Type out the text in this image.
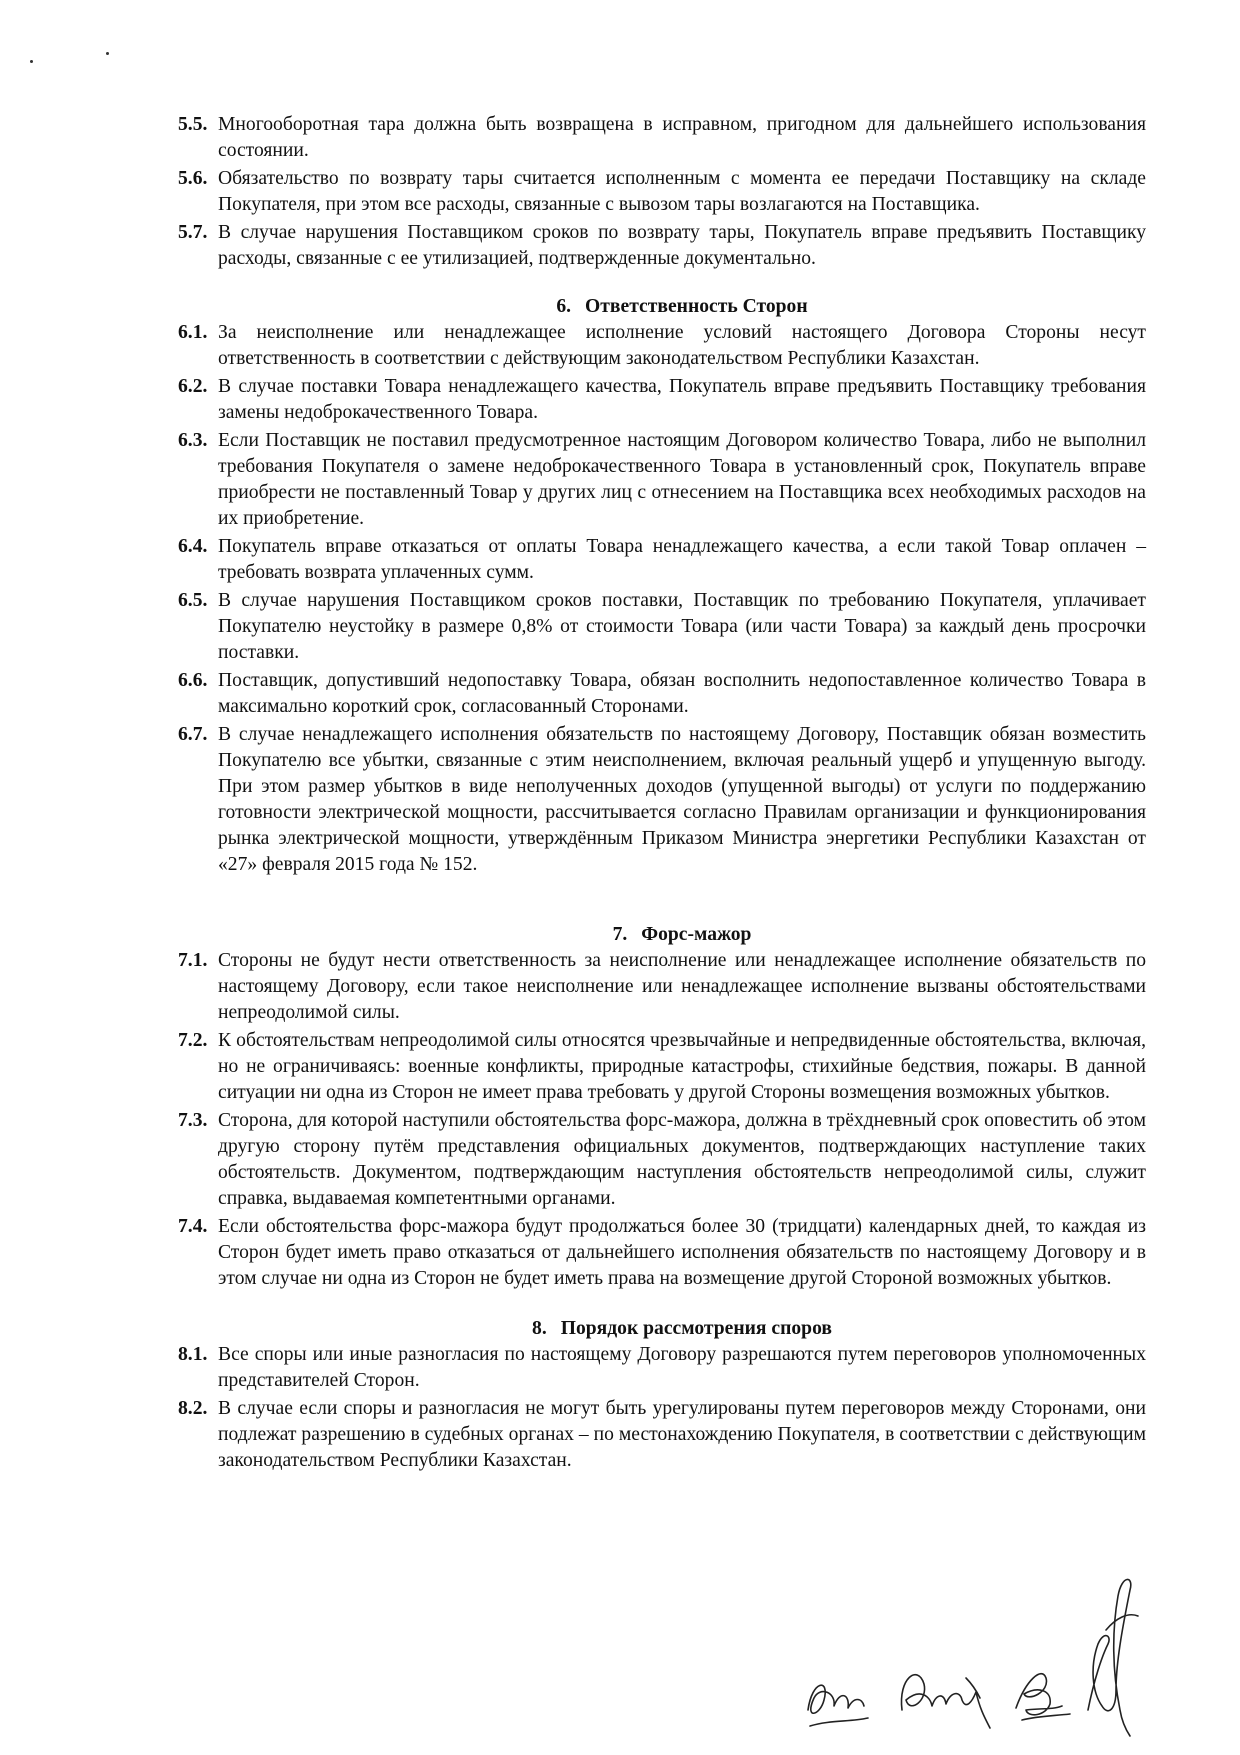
5.5. Многооборотная тара должна быть возвращена в исправном, пригодном для дальнейшего использования состоянии.
5.6. Обязательство по возврату тары считается исполненным с момента ее передачи Поставщику на складе Покупателя, при этом все расходы, связанные с вывозом тары возлагаются на Поставщика.
5.7. В случае нарушения Поставщиком сроков по возврату тары, Покупатель вправе предъявить Поставщику расходы, связанные с ее утилизацией, подтвержденные документально.
6. Ответственность Сторон
6.1. За неисполнение или ненадлежащее исполнение условий настоящего Договора Стороны несут ответственность в соответствии с действующим законодательством Республики Казахстан.
6.2. В случае поставки Товара ненадлежащего качества, Покупатель вправе предъявить Поставщику требования замены недоброкачественного Товара.
6.3. Если Поставщик не поставил предусмотренное настоящим Договором количество Товара, либо не выполнил требования Покупателя о замене недоброкачественного Товара в установленный срок, Покупатель вправе приобрести не поставленный Товар у других лиц с отнесением на Поставщика всех необходимых расходов на их приобретение.
6.4. Покупатель вправе отказаться от оплаты Товара ненадлежащего качества, а если такой Товар оплачен – требовать возврата уплаченных сумм.
6.5. В случае нарушения Поставщиком сроков поставки, Поставщик по требованию Покупателя, уплачивает Покупателю неустойку в размере 0,8% от стоимости Товара (или части Товара) за каждый день просрочки поставки.
6.6. Поставщик, допустивший недопоставку Товара, обязан восполнить недопоставленное количество Товара в максимально короткий срок, согласованный Сторонами.
6.7. В случае ненадлежащего исполнения обязательств по настоящему Договору, Поставщик обязан возместить Покупателю все убытки, связанные с этим неисполнением, включая реальный ущерб и упущенную выгоду. При этом размер убытков в виде неполученных доходов (упущенной выгоды) от услуги по поддержанию готовности электрической мощности, рассчитывается согласно Правилам организации и функционирования рынка электрической мощности, утверждённым Приказом Министра энергетики Республики Казахстан от «27» февраля 2015 года № 152.
7. Форс-мажор
7.1. Стороны не будут нести ответственность за неисполнение или ненадлежащее исполнение обязательств по настоящему Договору, если такое неисполнение или ненадлежащее исполнение вызваны обстоятельствами непреодолимой силы.
7.2. К обстоятельствам непреодолимой силы относятся чрезвычайные и непредвиденные обстоятельства, включая, но не ограничиваясь: военные конфликты, природные катастрофы, стихийные бедствия, пожары. В данной ситуации ни одна из Сторон не имеет права требовать у другой Стороны возмещения возможных убытков.
7.3. Сторона, для которой наступили обстоятельства форс-мажора, должна в трёхдневный срок оповестить об этом другую сторону путём представления официальных документов, подтверждающих наступление таких обстоятельств. Документом, подтверждающим наступления обстоятельств непреодолимой силы, служит справка, выдаваемая компетентными органами.
7.4. Если обстоятельства форс-мажора будут продолжаться более 30 (тридцати) календарных дней, то каждая из Сторон будет иметь право отказаться от дальнейшего исполнения обязательств по настоящему Договору и в этом случае ни одна из Сторон не будет иметь права на возмещение другой Стороной возможных убытков.
8. Порядок рассмотрения споров
8.1. Все споры или иные разногласия по настоящему Договору разрешаются путем переговоров уполномоченных представителей Сторон.
8.2. В случае если споры и разногласия не могут быть урегулированы путем переговоров между Сторонами, они подлежат разрешению в судебных органах – по местонахождению Покупателя, в соответствии с действующим законодательством Республики Казахстан.
